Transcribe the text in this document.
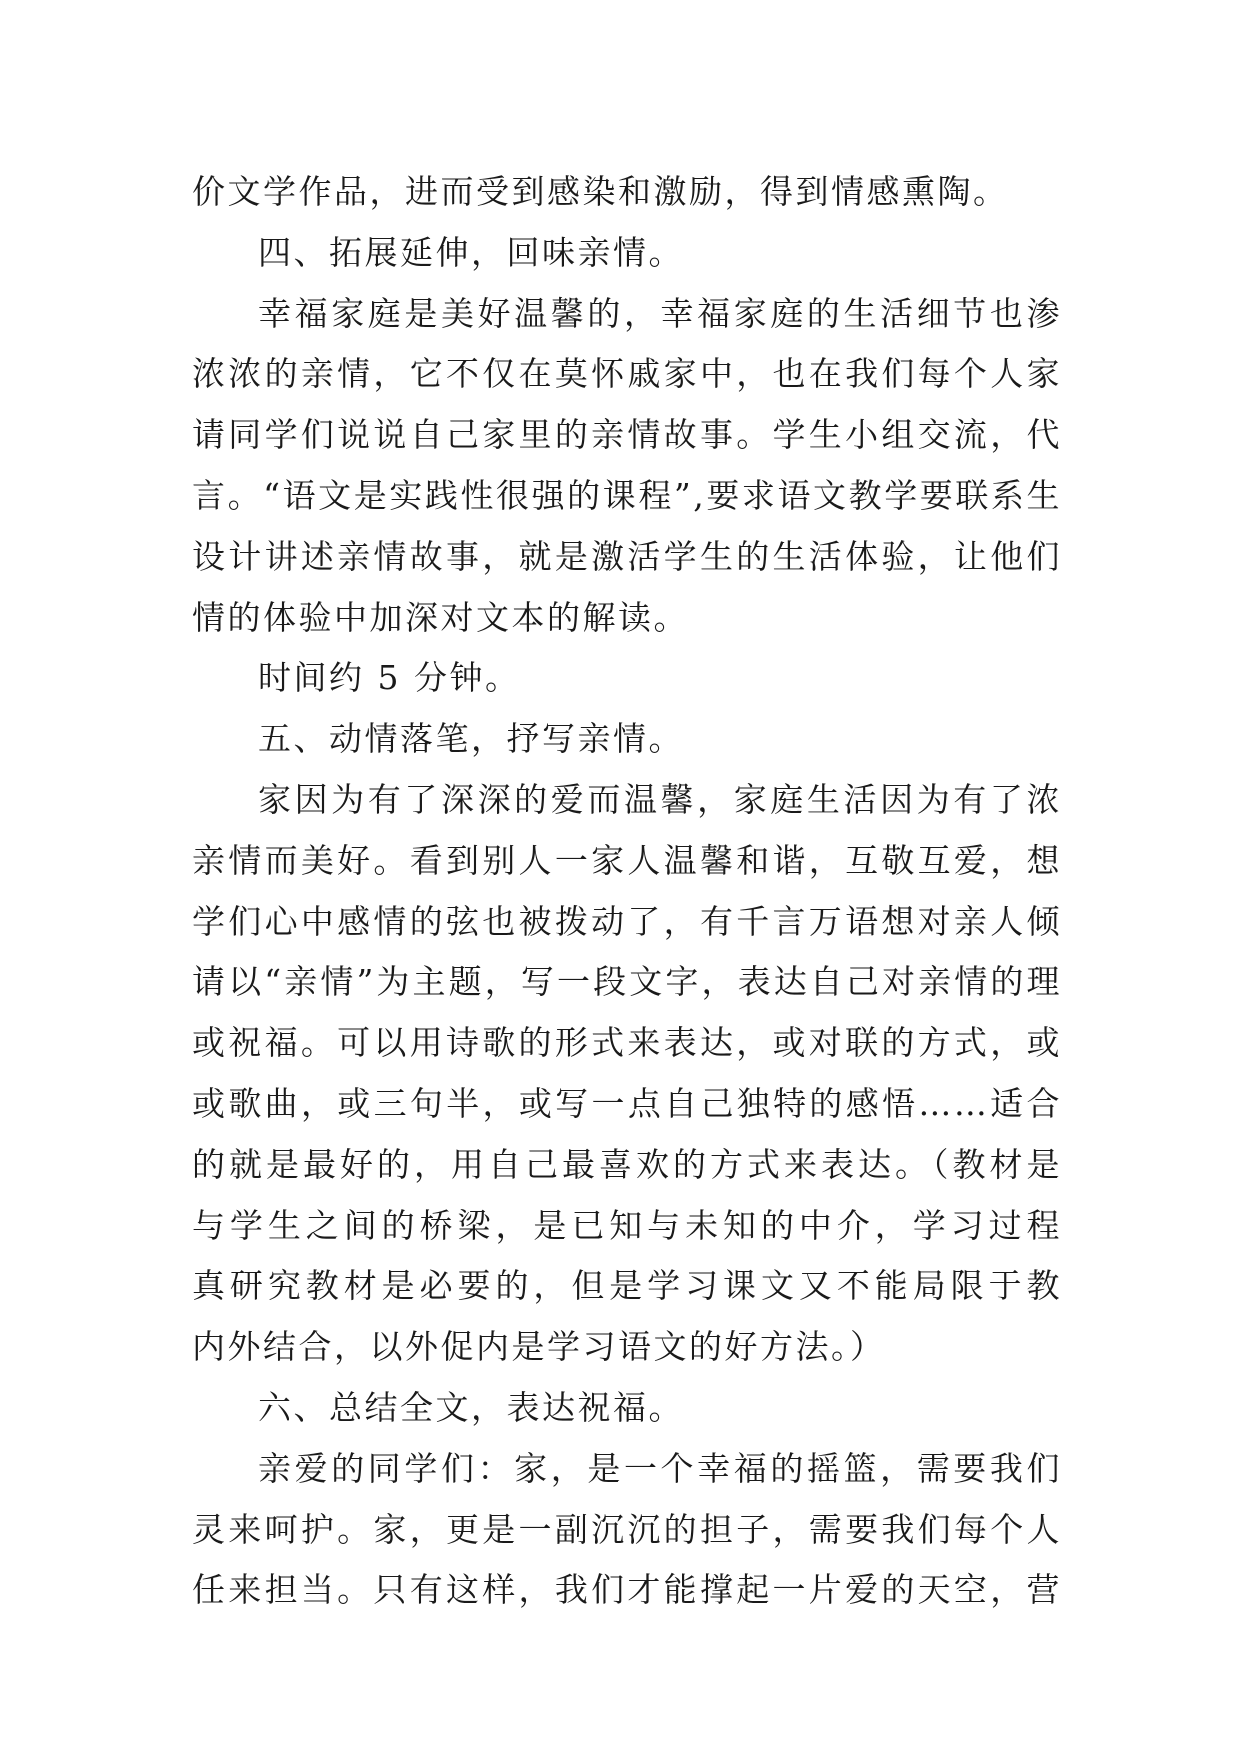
价文学作品，进而受到感染和激励，得到情感熏陶。
四、拓展延伸，回味亲情。
幸福家庭是美好温馨的，幸福家庭的生活细节也渗
浓浓的亲情，它不仅在莫怀戚家中，也在我们每个人家
请同学们说说自己家里的亲情故事。学生小组交流，代
言。“语文是实践性很强的课程”,要求语文教学要联系生
设计讲述亲情故事，就是激活学生的生活体验，让他们
情的体验中加深对文本的解读。
时间约 5 分钟。
五、动情落笔，抒写亲情。
家因为有了深深的爱而温馨，家庭生活因为有了浓
亲情而美好。看到别人一家人温馨和谐，互敬互爱，想
学们心中感情的弦也被拨动了，有千言万语想对亲人倾
请以“亲情”为主题，写一段文字，表达自己对亲情的理
或祝福。可以用诗歌的形式来表达，或对联的方式，或
或歌曲，或三句半，或写一点自己独特的感悟……适合
的就是最好的，用自己最喜欢的方式来表达。（教材是
与学生之间的桥梁，是已知与未知的中介，学习过程
真研究教材是必要的，但是学习课文又不能局限于教
内外结合，以外促内是学习语文的好方法。）
六、总结全文，表达祝福。
亲爱的同学们：家，是一个幸福的摇篮，需要我们
灵来呵护。家，更是一副沉沉的担子，需要我们每个人
任来担当。只有这样，我们才能撑起一片爱的天空，营
